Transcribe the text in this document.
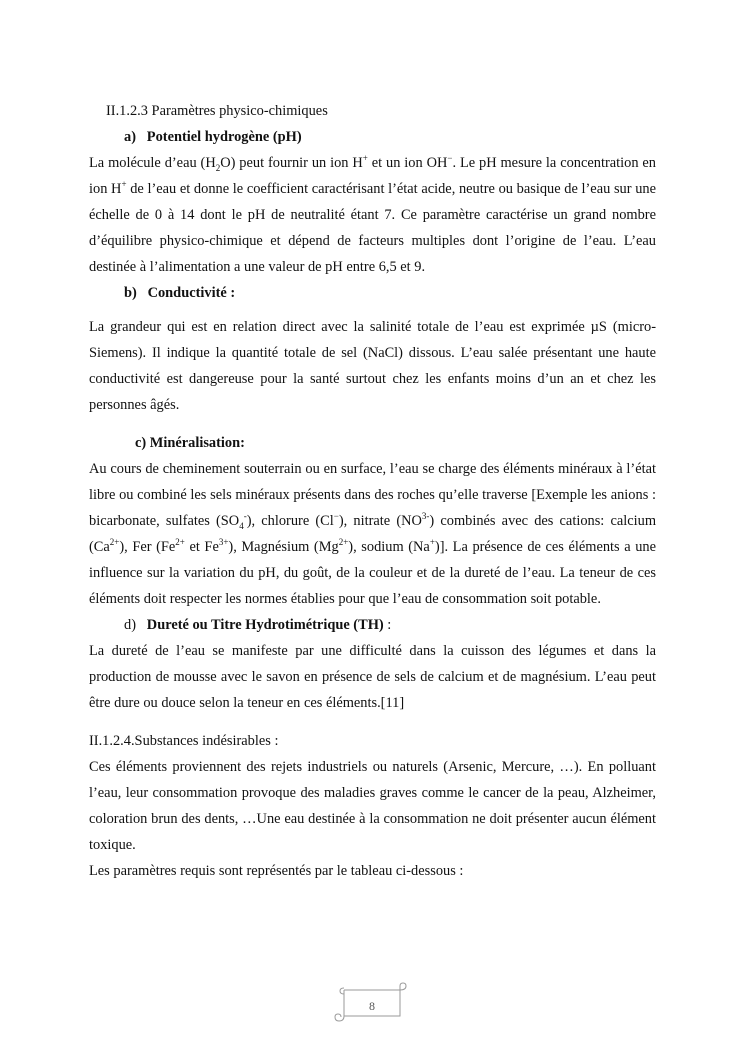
II.1.2.3 Paramètres physico-chimiques
a) Potentiel hydrogène (pH)

La molécule d’eau $(H_2O)$ peut fournir un ion H+ et un ion OH−. Le pH mesure la concentration en ion H+ de l’eau et donne le coefficient caractérisant l’état acide, neutre ou basique de l’eau sur une échelle de 0 à 14 dont le pH de neutralité étant 7. Ce paramètre caractérise un grand nombre d’équilibre physico-chimique et dépend de facteurs multiples dont l’origine de l’eau. L’eau destinée à l’alimentation a une valeur de pH entre 6,5 et 9.

b) Conductivité :

La grandeur qui est en relation direct avec la salinité totale de l’eau est exprimée µS (micro-Siemens). Il indique la quantité totale de sel (NaCl) dissous. L’eau salée présentant une haute conductivité est dangereuse pour la santé surtout chez les enfants moins d’un an et chez les personnes âgés.

c) Minéralisation:

Au cours de cheminement souterrain ou en surface, l’eau se charge des éléments minéraux à l’état libre ou combiné les sels minéraux présents dans des roches qu’elle traverse [Exemple les anions : bicarbonate, sulfates $(SO_4^-)$, chlorure (Cl−), nitrate $(NO^{3-})$ combinés avec des cations: calcium $(Ca^{2+})$, Fer ($Fe^{2+}$ et $Fe^{3+}$), Magnésium $(Mg^{2+})$, sodium (Na+)]. La présence de ces éléments a une influence sur la variation du pH, du goût, de la couleur et de la dureté de l’eau. La teneur de ces éléments doit respecter les normes établies pour que l’eau de consommation soit potable.

d) Dureté ou Titre Hydrotimétrique (TH) :

La dureté de l’eau se manifeste par une difficulté dans la cuisson des légumes et dans la production de mousse avec le savon en présence de sels de calcium et de magnésium. L’eau peut être dure ou douce selon la teneur en ces éléments.[11]

II.1.2.4.Substances indésirables :

Ces éléments proviennent des rejets industriels ou naturels (Arsenic, Mercure, …). En polluant l’eau, leur consommation provoque des maladies graves comme le cancer de la peau, Alzheimer, coloration brun des dents, …Une eau destinée à la consommation ne doit présenter aucun élément toxique.

Les paramètres requis sont représentés par le tableau ci-dessous :
8
